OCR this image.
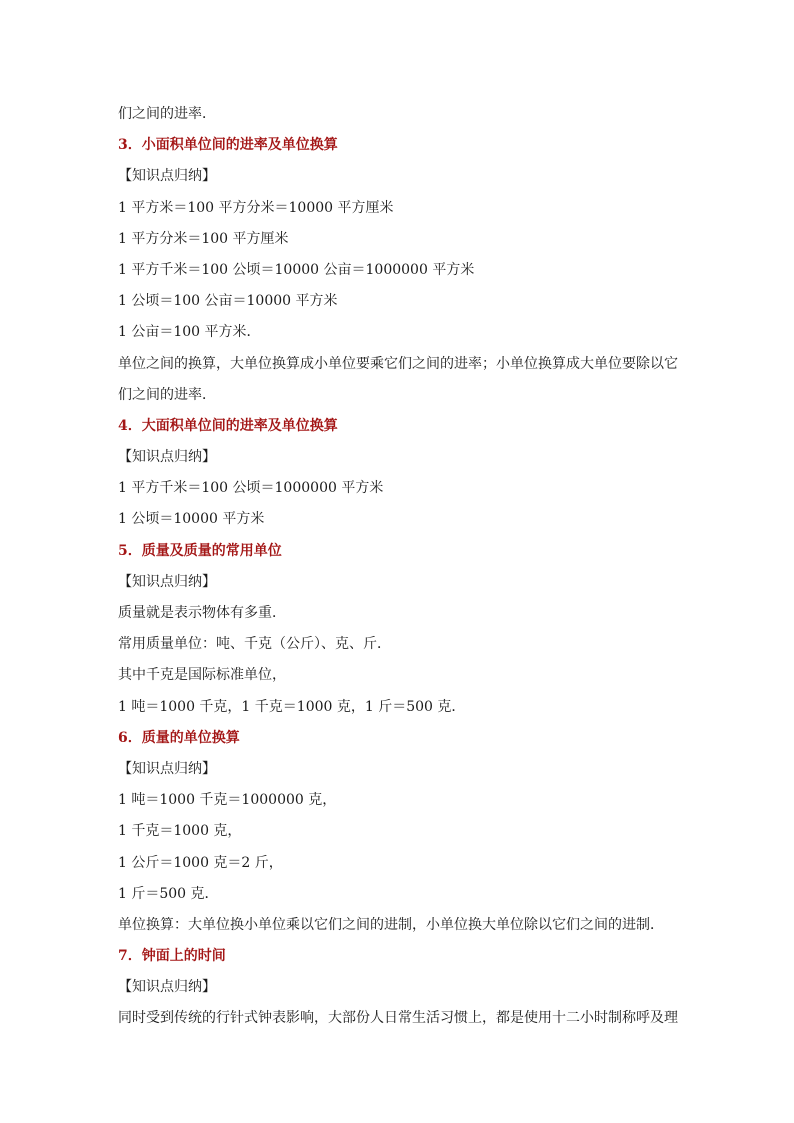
们之间的进率．
3．小面积单位间的进率及单位换算
【知识点归纳】
1 平方米＝100 平方分米＝10000 平方厘米
1 平方分米＝100 平方厘米
1 平方千米＝100 公顷＝10000 公亩＝1000000 平方米
1 公顷＝100 公亩＝10000 平方米
1 公亩＝100 平方米．
单位之间的换算，大单位换算成小单位要乘它们之间的进率；小单位换算成大单位要除以它
们之间的进率．
4．大面积单位间的进率及单位换算
【知识点归纳】
1 平方千米＝100 公顷＝1000000 平方米
1 公顷＝10000 平方米
5．质量及质量的常用单位
【知识点归纳】
质量就是表示物体有多重．
常用质量单位：吨、千克（公斤）、克、斤．
其中千克是国际标准单位，
1 吨＝1000 千克，1 千克＝1000 克，1 斤＝500 克．
6．质量的单位换算
【知识点归纳】
1 吨＝1000 千克＝1000000 克，
1 千克＝1000 克，
1 公斤＝1000 克＝2 斤，
1 斤＝500 克．
单位换算：大单位换小单位乘以它们之间的进制，小单位换大单位除以它们之间的进制．
7．钟面上的时间
【知识点归纳】
同时受到传统的行针式钟表影响，大部份人日常生活习惯上，都是使用十二小时制称呼及理
